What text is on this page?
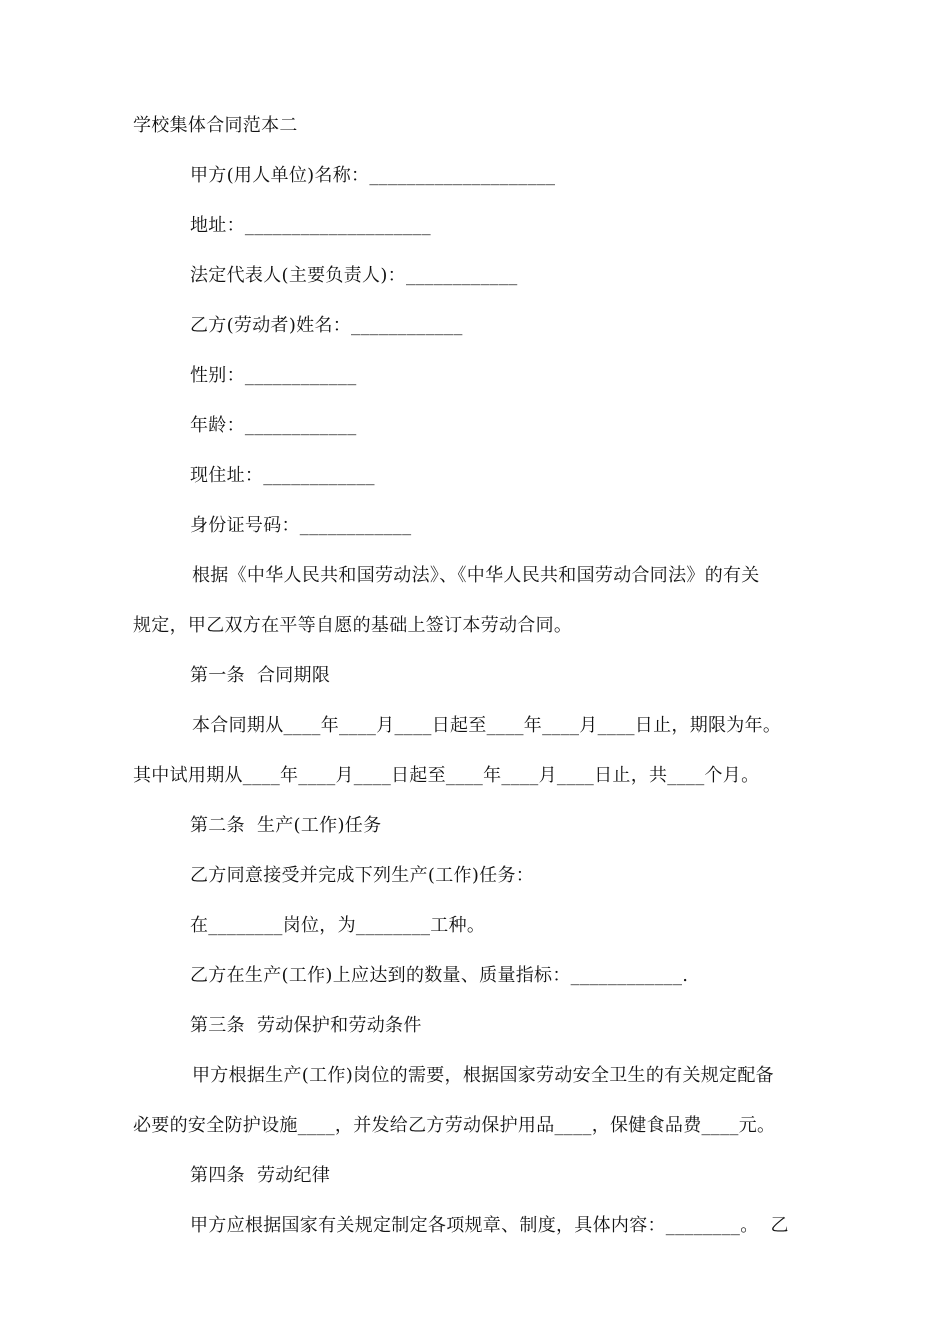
学校集体合同范本二
甲方(用人单位)名称：____________________
地址：____________________
法定代表人(主要负责人)：____________
乙方(劳动者)姓名：____________
性别：____________
年龄：____________
现住址：____________
身份证号码：____________
根据《中华人民共和国劳动法》、《中华人民共和国劳动合同法》的有关
规定，甲乙双方在平等自愿的基础上签订本劳动合同。
第一条  合同期限
本合同期从____年____月____日起至____年____月____日止，期限为年。
其中试用期从____年____月____日起至____年____月____日止，共____个月。
第二条  生产(工作)任务
乙方同意接受并完成下列生产(工作)任务：
在________岗位，为________工种。
乙方在生产(工作)上应达到的数量、质量指标：____________.
第三条  劳动保护和劳动条件
甲方根据生产(工作)岗位的需要，根据国家劳动安全卫生的有关规定配备
必要的安全防护设施____，并发给乙方劳动保护用品____，保健食品费____元。
第四条  劳动纪律
甲方应根据国家有关规定制定各项规章、制度，具体内容：________。  乙
